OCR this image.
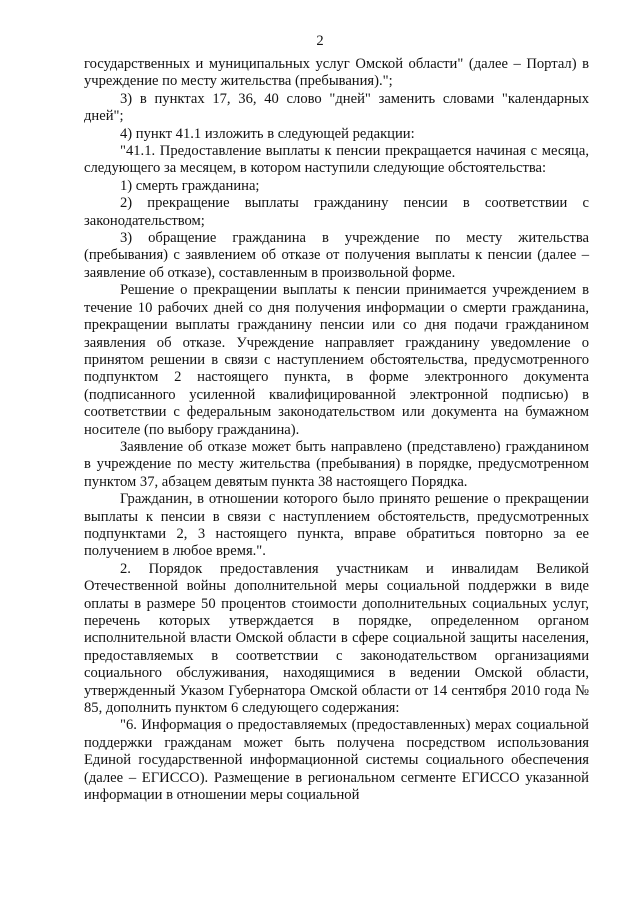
2

государственных и муниципальных услуг Омской области" (далее – Портал) в учреждение по месту жительства (пребывания).";

3) в пунктах 17, 36, 40 слово "дней" заменить словами "календарных дней";

4) пункт 41.1 изложить в следующей редакции:

"41.1. Предоставление выплаты к пенсии прекращается начиная с месяца, следующего за месяцем, в котором наступили следующие обстоятельства:

1) смерть гражданина;

2) прекращение выплаты гражданину пенсии в соответствии с законодательством;

3) обращение гражданина в учреждение по месту жительства (пребывания) с заявлением об отказе от получения выплаты к пенсии (далее – заявление об отказе), составленным в произвольной форме.

Решение о прекращении выплаты к пенсии принимается учреждением в течение 10 рабочих дней со дня получения информации о смерти гражданина, прекращении выплаты гражданину пенсии или со дня подачи гражданином заявления об отказе. Учреждение направляет гражданину уведомление о принятом решении в связи с наступлением обстоятельства, предусмотренного подпунктом 2 настоящего пункта, в форме электронного документа (подписанного усиленной квалифицированной электронной подписью) в соответствии с федеральным законодательством или документа на бумажном носителе (по выбору гражданина).

Заявление об отказе может быть направлено (представлено) гражданином в учреждение по месту жительства (пребывания) в порядке, предусмотренном пунктом 37, абзацем девятым пункта 38 настоящего Порядка.

Гражданин, в отношении которого было принято решение о прекращении выплаты к пенсии в связи с наступлением обстоятельств, предусмотренных подпунктами 2, 3 настоящего пункта, вправе обратиться повторно за ее получением в любое время.".

2. Порядок предоставления участникам и инвалидам Великой Отечественной войны дополнительной меры социальной поддержки в виде оплаты в размере 50 процентов стоимости дополнительных социальных услуг, перечень которых утверждается в порядке, определенном органом исполнительной власти Омской области в сфере социальной защиты населения, предоставляемых в соответствии с законодательством организациями социального обслуживания, находящимися в ведении Омской области, утвержденный Указом Губернатора Омской области от 14 сентября 2010 года № 85, дополнить пунктом 6 следующего содержания:

"6. Информация о предоставляемых (предоставленных) мерах социальной поддержки гражданам может быть получена посредством использования Единой государственной информационной системы социального обеспечения (далее – ЕГИССО). Размещение в региональном сегменте ЕГИССО указанной информации в отношении меры социальной
